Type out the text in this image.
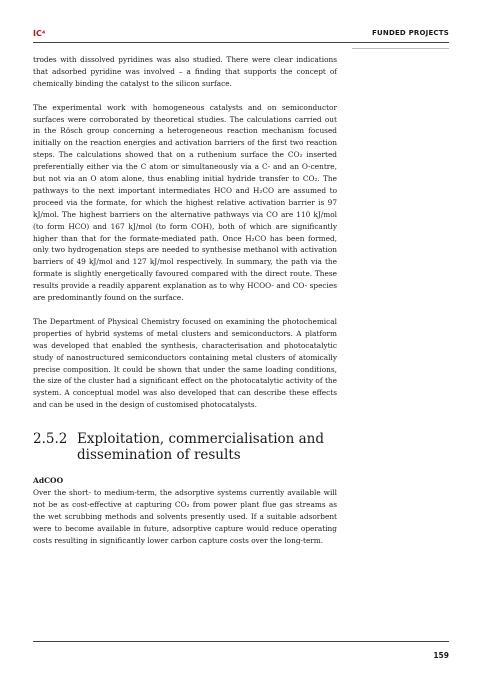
IC⁴	FUNDED PROJECTS

trodes with dissolved pyridines was also studied. There were clear indications that adsorbed pyridine was involved – a finding that supports the concept of chemically binding the catalyst to the silicon surface.

The experimental work with homogeneous catalysts and on semiconductor surfaces were corroborated by theoretical studies. The calculations carried out in the Rösch group concerning a heterogeneous reaction mechanism focused initially on the reaction energies and activation barriers of the first two reaction steps. The calculations showed that on a ruthenium surface the CO₂ inserted preferentially either via the C atom or simultaneously via a C- and an O-centre, but not via an O atom alone, thus enabling initial hydride transfer to CO₂. The pathways to the next important intermediates HCO and H₂CO are assumed to proceed via the formate, for which the highest relative activation barrier is 97 kJ/mol. The highest barriers on the alternative pathways via CO are 110 kJ/mol (to form HCO) and 167 kJ/mol (to form COH), both of which are significantly higher than that for the formate-mediated path. Once H₂CO has been formed, only two hydrogenation steps are needed to synthesise methanol with activation barriers of 49 kJ/mol and 127 kJ/mol respectively. In summary, the path via the formate is slightly energetically favoured compared with the direct route. These results provide a readily apparent explanation as to why HCOO- and CO- species are predominantly found on the surface.

The Department of Physical Chemistry focused on examining the photochemical properties of hybrid systems of metal clusters and semiconductors. A platform was developed that enabled the synthesis, characterisation and photocatalytic study of nanostructured semiconductors containing metal clusters of atomically precise composition. It could be shown that under the same loading conditions, the size of the cluster had a significant effect on the photocatalytic activity of the system. A conceptual model was also developed that can describe these effects and can be used in the design of customised photocatalysts.

2.5.2 Exploitation, commercialisation and dissemination of results
AdCOO

Over the short- to medium-term, the adsorptive systems currently available will not be as cost-effective at capturing CO₂ from power plant flue gas streams as the wet scrubbing methods and solvents presently used. If a suitable adsorbent were to become available in future, adsorptive capture would reduce operating costs resulting in significantly lower carbon capture costs over the long-term.

159
